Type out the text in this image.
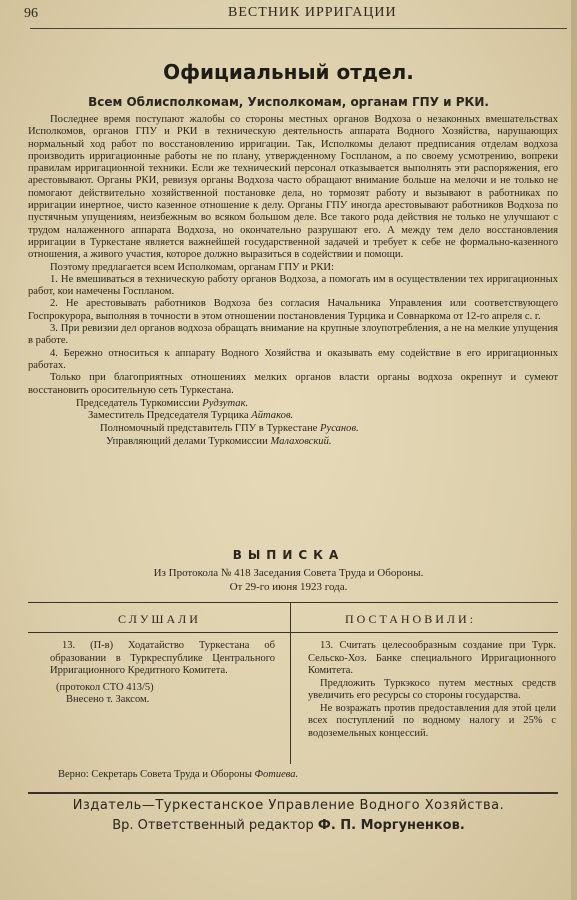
96	ВЕСТНИК ИРРИГАЦИИ
Официальный отдел.
Всем Облисполкомам, Уисполкомам, органам ГПУ и РКИ.

Последнее время поступают жалобы со стороны местных органов Водхоза о незаконных вмешательствах Исполкомов, органов ГПУ и РКИ в техническую деятельность аппарата Водного Хозяйства, нарушающих нормальный ход работ по восстановлению ирригации. Так, Исполкомы делают предписания отделам водхоза производить ирригационные работы не по плану, утвержденному Госпланом, а по своему усмотрению, вопреки правилам ирригационной техники. Если же технический персонал отказывается выполнять эти распоряжения, его арестовывают. Органы РКИ, ревизуя органы Водхоза часто обращают внимание больше на мелочи и не только не помогают действительно хозяйственной постановке дела, но тормозят работу и вызывают в работниках по ирригации инертное, чисто казенное отношение к делу. Органы ГПУ иногда арестовывают работников Водхоза по пустячным упущениям, неизбежным во всяком большом деле. Все такого рода действия не только не улучшают с трудом налаженного аппарата Водхоза, но окончательно разрушают его. А между тем дело восстановления ирригации в Туркестане является важнейшей государственной задачей и требует к себе не формально-казенного отношения, а живого участия, которое должно выразиться в содействии и помощи.

Поэтому предлагается всем Исполкомам, органам ГПУ и РКИ:

1. Не вмешиваться в техническую работу органов Водхоза, а помогать им в осуществлении тех ирригационных работ, кои намечены Госпланом.

2. Не арестовывать работников Водхоза без согласия Начальника Управления или соответствующего Госпрокурора, выполняя в точности в этом отношении постановления Турцика и Совнаркома от 12-го апреля с. г.

3. При ревизии дел органов водхоза обращать внимание на крупные злоупотребления, а не на мелкие упущения в работе.

4. Бережно относиться к аппарату Водного Хозяйства и оказывать ему содействие в его ирригационных работах.

Только при благоприятных отношениях мелких органов власти органы водхоза окрепнут и сумеют восстановить оросительную сеть Туркестана.

Председатель Туркомиссии Рудзутак.
Заместитель Председателя Турцика Айтаков.
Полномочный представитель ГПУ в Туркестане Русанов.
Управляющий делами Туркомиссии Малаховский.
ВЫПИСКА
Из Протокола № 418 Заседания Совета Труда и Обороны.
От 29-го июня 1923 года.
СЛУШАЛИ	ПОСТАНОВИЛИ:

13. (П-в) Ходатайство Туркестана об образовании в Туркреспублике Центрального Ирригационного Кредитного Комитета.

(протокол СТО 413/5)

Внесено т. Заксом.

13. Считать целесообразным создание при Турк. Сельско-Хоз. Банке специального Ирригационного Комитета.

Предложить Туркэкосо путем местных средств увеличить его ресурсы со стороны государства.

Не возражать против предоставления для этой цели всех поступлений по водному налогу и 25% с водоземельных концессий.

Верно: Секретарь Совета Труда и Обороны Фотиева.
Издатель—Туркестанское Управление Водного Хозяйства.
Вр. Ответственный редактор Ф. П. Моргуненков.
